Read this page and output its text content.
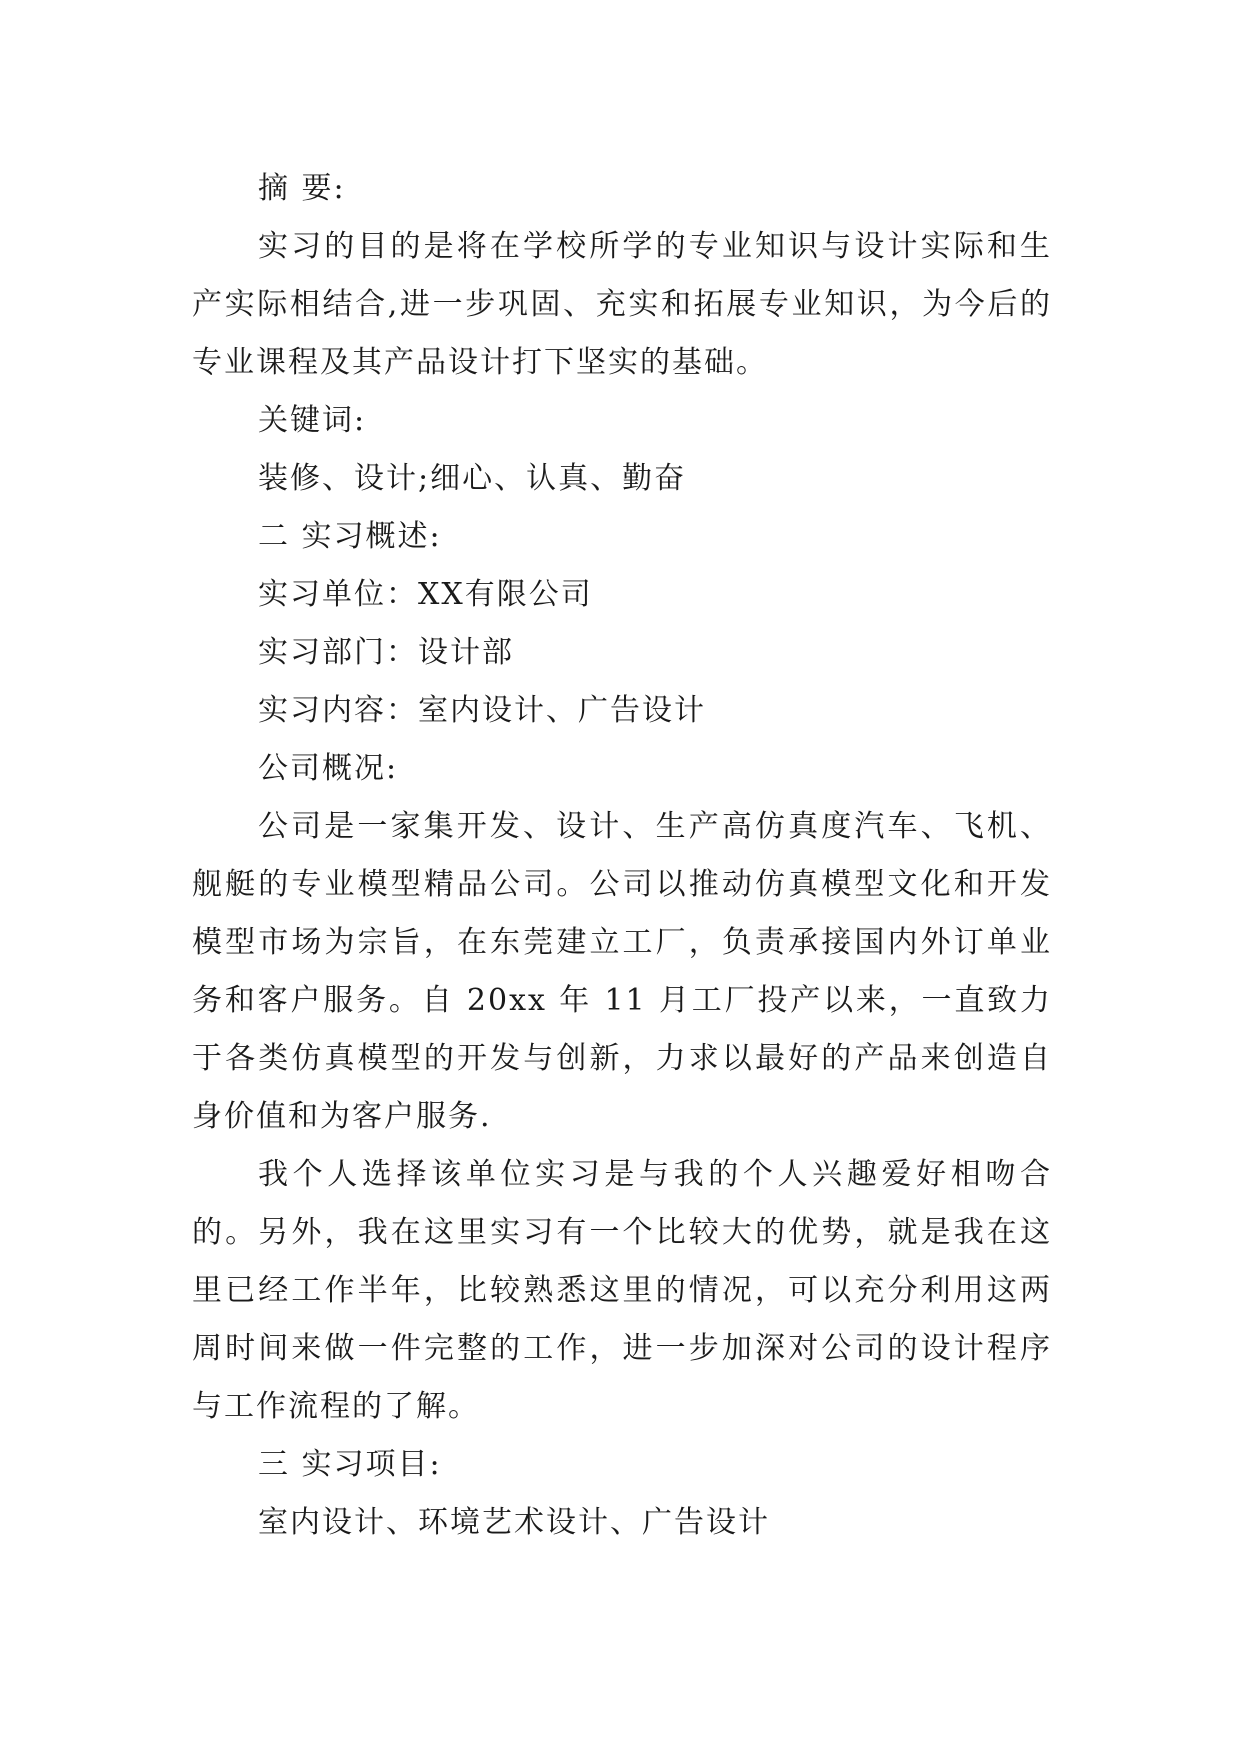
摘 要:

实习的目的是将在学校所学的专业知识与设计实际和生产实际相结合,进一步巩固、充实和拓展专业知识，为今后的专业课程及其产品设计打下坚实的基础。

关键词:

装修、设计;细心、认真、勤奋

二 实习概述:

实习单位：XX有限公司

实习部门：设计部

实习内容：室内设计、广告设计

公司概况:

公司是一家集开发、设计、生产高仿真度汽车、飞机、舰艇的专业模型精品公司。公司以推动仿真模型文化和开发模型市场为宗旨，在东莞建立工厂，负责承接国内外订单业务和客户服务。自 20xx 年 11 月工厂投产以来，一直致力于各类仿真模型的开发与创新，力求以最好的产品来创造自身价值和为客户服务.

我个人选择该单位实习是与我的个人兴趣爱好相吻合的。另外，我在这里实习有一个比较大的优势，就是我在这里已经工作半年，比较熟悉这里的情况，可以充分利用这两周时间来做一件完整的工作，进一步加深对公司的设计程序与工作流程的了解。

三 实习项目:

室内设计、环境艺术设计、广告设计
